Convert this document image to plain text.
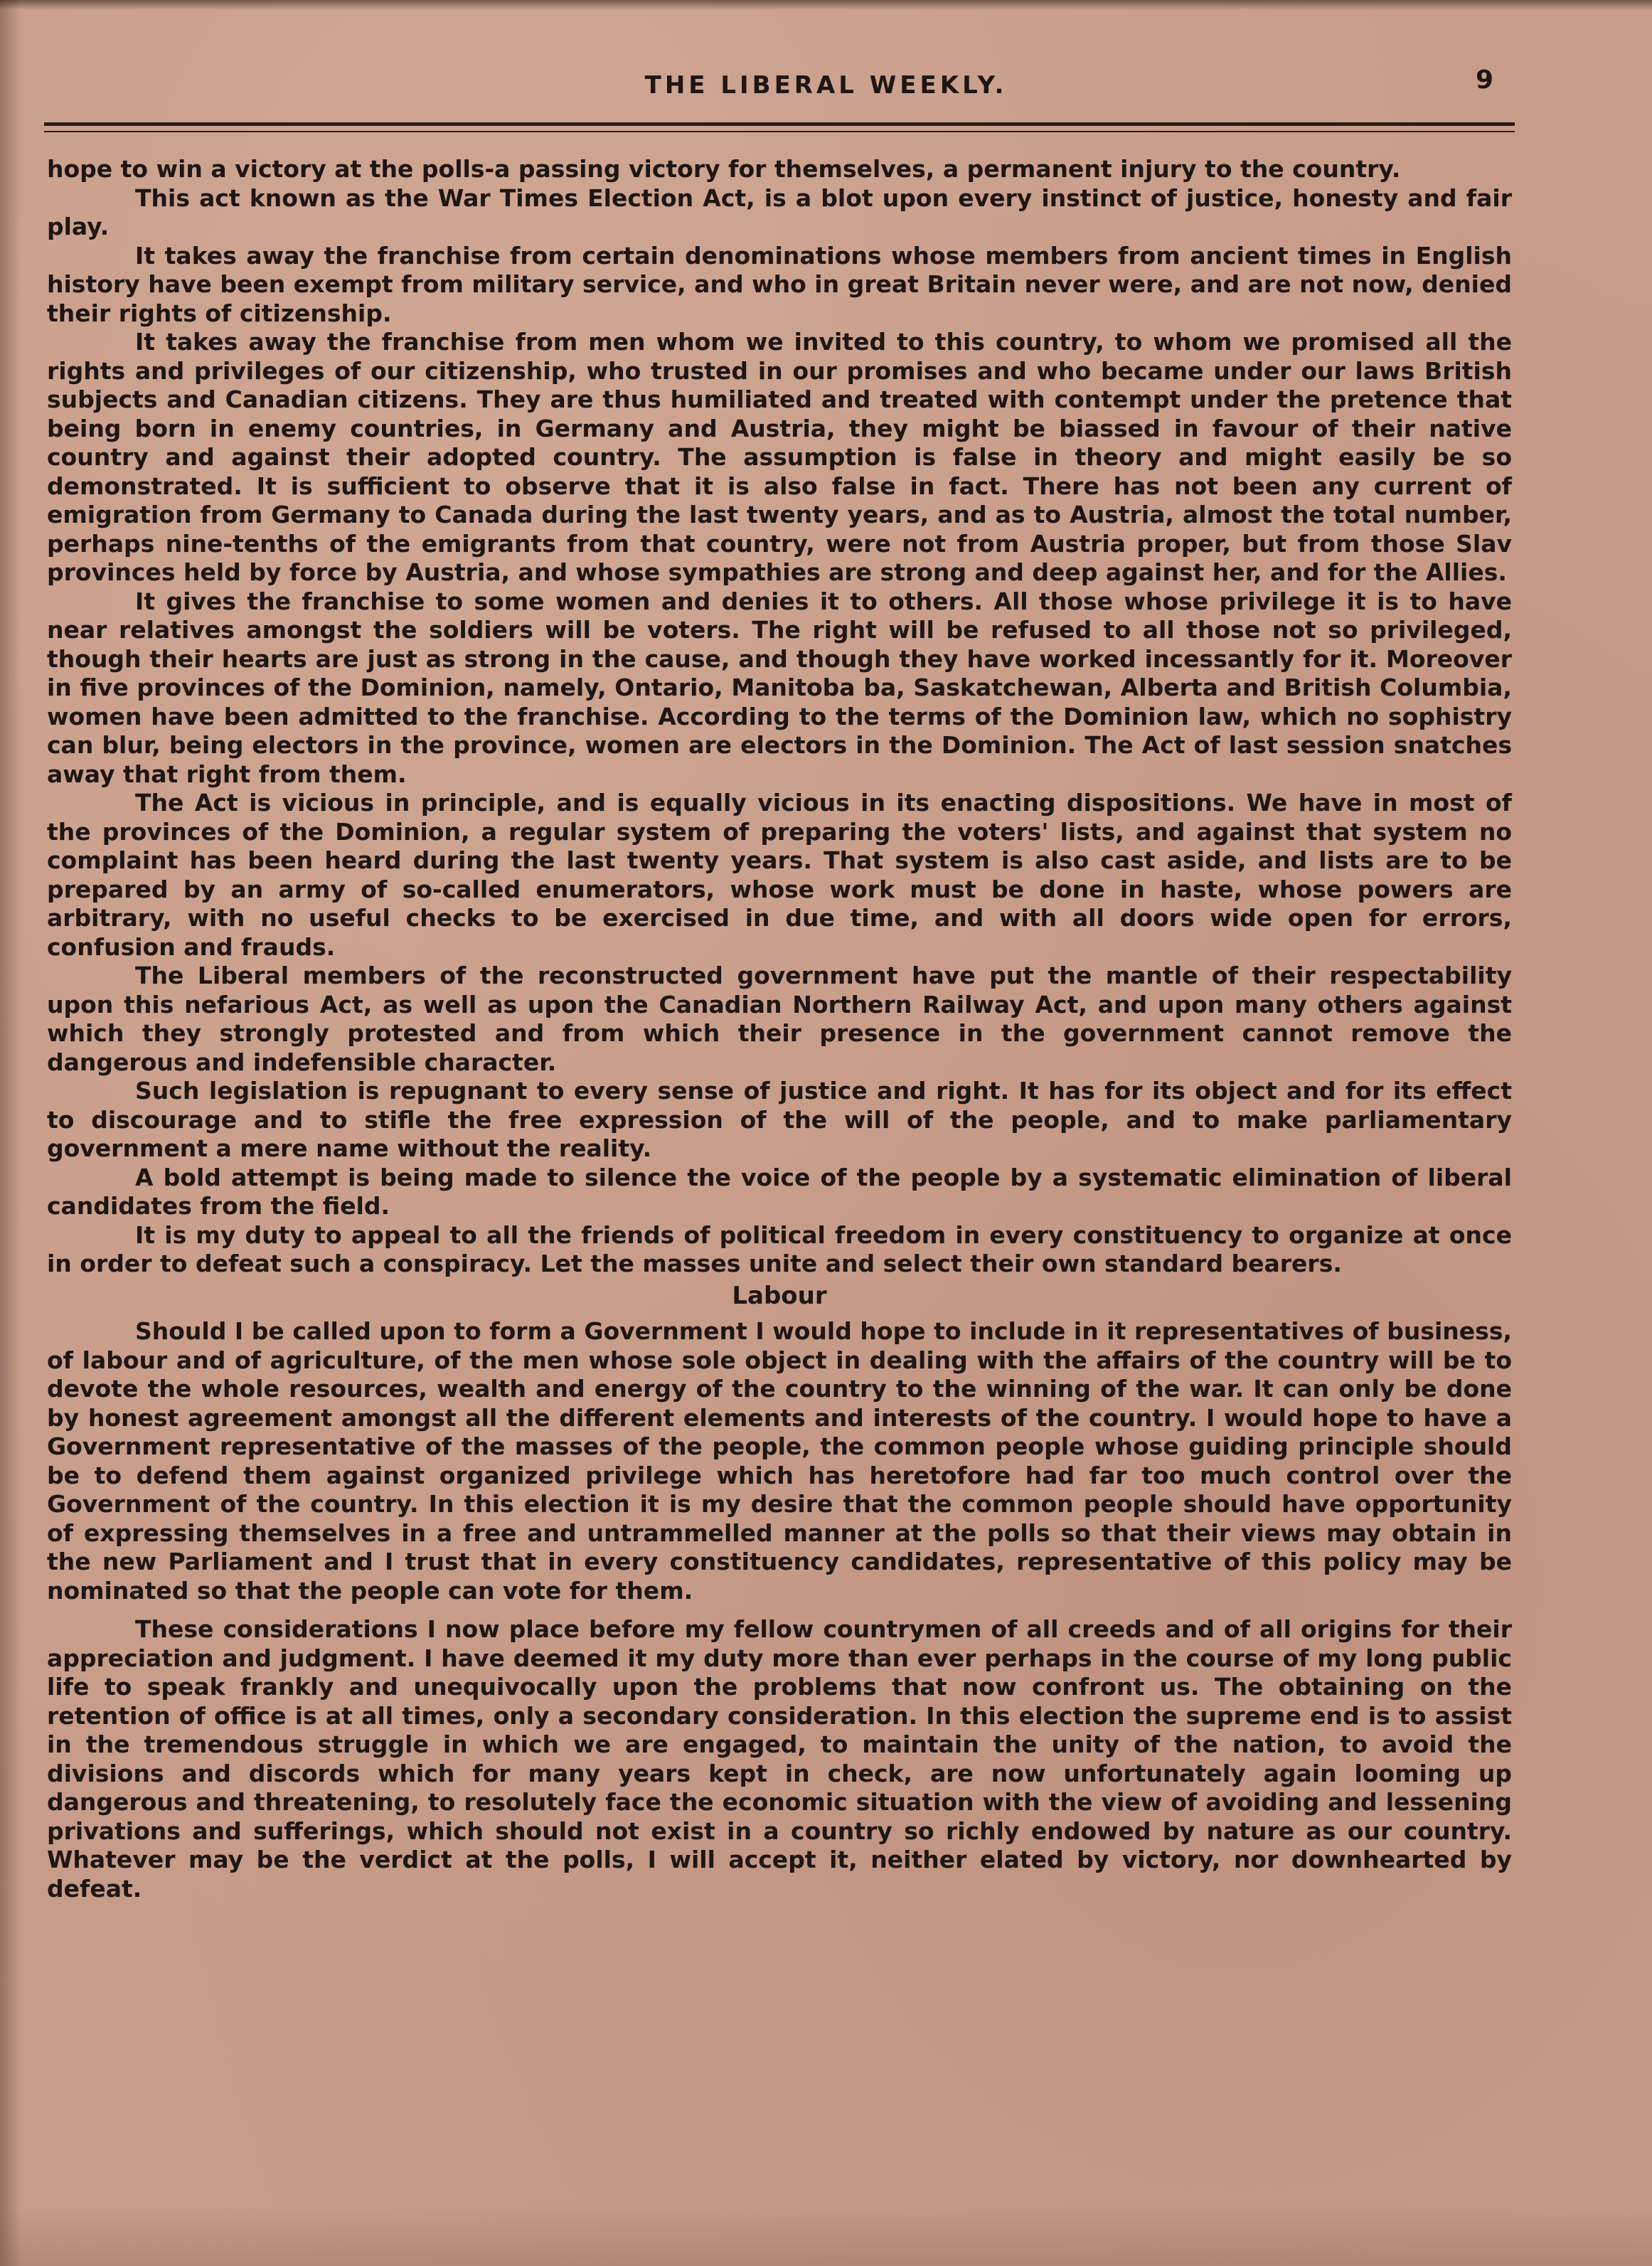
THE LIBERAL WEEKLY.	9

hope to win a victory at the polls-a passing victory for themselves, a permanent injury to the country.

This act known as the War Times Election Act, is a blot upon every instinct of justice, honesty and fair play.

It takes away the franchise from certain denominations whose members from ancient times in English history have been exempt from military service, and who in great Britain never were, and are not now, denied their rights of citizenship.

It takes away the franchise from men whom we invited to this country, to whom we promised all the rights and privileges of our citizenship, who trusted in our promises and who became under our laws British subjects and Canadian citizens. They are thus humiliated and treated with contempt under the pretence that being born in enemy countries, in Germany and Austria, they might be biassed in favour of their native country and against their adopted country. The assumption is false in theory and might easily be so demonstrated. It is sufficient to observe that it is also false in fact. There has not been any current of emigration from Germany to Canada during the last twenty years, and as to Austria, almost the total number, perhaps nine-tenths of the emigrants from that country, were not from Austria proper, but from those Slav provinces held by force by Austria, and whose sympathies are strong and deep against her, and for the Allies.

It gives the franchise to some women and denies it to others. All those whose privilege it is to have near relatives amongst the soldiers will be voters. The right will be refused to all those not so privileged, though their hearts are just as strong in the cause, and though they have worked incessantly for it. Moreover in five provinces of the Dominion, namely, Ontario, Manitoba ba, Saskatchewan, Alberta and British Columbia, women have been admitted to the franchise. According to the terms of the Dominion law, which no sophistry can blur, being electors in the province, women are electors in the Dominion. The Act of last session snatches away that right from them.

The Act is vicious in principle, and is equally vicious in its enacting dispositions. We have in most of the provinces of the Dominion, a regular system of preparing the voters' lists, and against that system no complaint has been heard during the last twenty years. That system is also cast aside, and lists are to be prepared by an army of so-called enumerators, whose work must be done in haste, whose powers are arbitrary, with no useful checks to be exercised in due time, and with all doors wide open for errors, confusion and frauds.

The Liberal members of the reconstructed government have put the mantle of their respectability upon this nefarious Act, as well as upon the Canadian Northern Railway Act, and upon many others against which they strongly protested and from which their presence in the government cannot remove the dangerous and indefensible character.

Such legislation is repugnant to every sense of justice and right. It has for its object and for its effect to discourage and to stifle the free expression of the will of the people, and to make parliamentary government a mere name without the reality.

A bold attempt is being made to silence the voice of the people by a systematic elimination of liberal candidates from the field.

It is my duty to appeal to all the friends of political freedom in every constituency to organize at once in order to defeat such a conspiracy. Let the masses unite and select their own standard bearers.

Labour

Should I be called upon to form a Government I would hope to include in it representatives of business, of labour and of agriculture, of the men whose sole object in dealing with the affairs of the country will be to devote the whole resources, wealth and energy of the country to the winning of the war. It can only be done by honest agreement amongst all the different elements and interests of the country. I would hope to have a Government representative of the masses of the people, the common people whose guiding principle should be to defend them against organized privilege which has heretofore had far too much control over the Government of the country. In this election it is my desire that the common people should have opportunity of expressing themselves in a free and untrammelled manner at the polls so that their views may obtain in the new Parliament and I trust that in every constituency candidates, representative of this policy may be nominated so that the people can vote for them.

These considerations I now place before my fellow countrymen of all creeds and of all origins for their appreciation and judgment. I have deemed it my duty more than ever perhaps in the course of my long public life to speak frankly and unequivocally upon the problems that now confront us. The obtaining on the retention of office is at all times, only a secondary consideration. In this election the supreme end is to assist in the tremendous struggle in which we are engaged, to maintain the unity of the nation, to avoid the divisions and discords which for many years kept in check, are now unfortunately again looming up dangerous and threatening, to resolutely face the economic situation with the view of avoiding and lessening privations and sufferings, which should not exist in a country so richly endowed by nature as our country. Whatever may be the verdict at the polls, I will accept it, neither elated by victory, nor downhearted by defeat.
